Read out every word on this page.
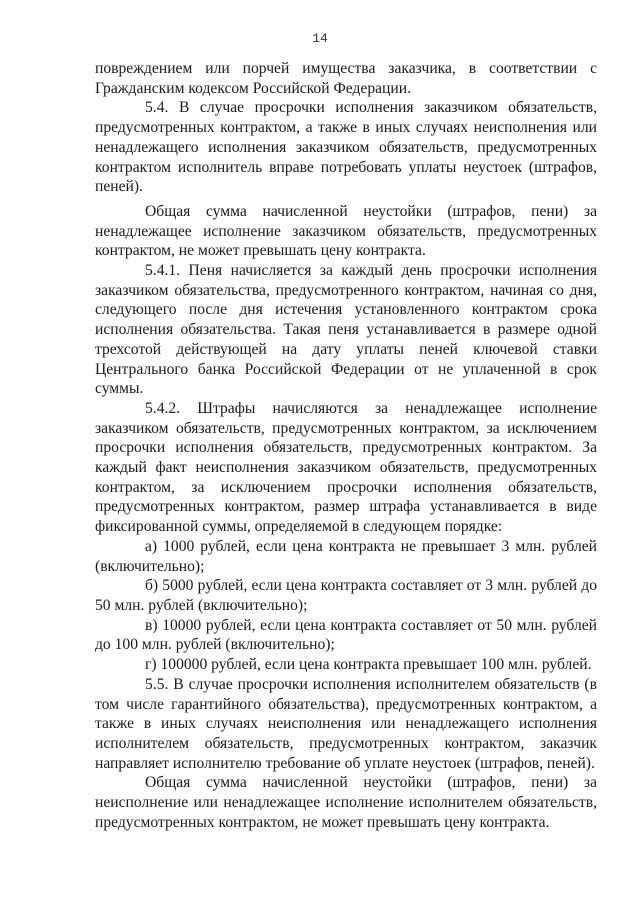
14

повреждением или порчей имущества заказчика, в соответствии с Гражданским кодексом Российской Федерации.

5.4. В случае просрочки исполнения заказчиком обязательств, предусмотренных контрактом, а также в иных случаях неисполнения или ненадлежащего исполнения заказчиком обязательств, предусмотренных контрактом исполнитель вправе потребовать уплаты неустоек (штрафов, пеней).

Общая сумма начисленной неустойки (штрафов, пени) за ненадлежащее исполнение заказчиком обязательств, предусмотренных контрактом, не может превышать цену контракта.

5.4.1. Пеня начисляется за каждый день просрочки исполнения заказчиком обязательства, предусмотренного контрактом, начиная со дня, следующего после дня истечения установленного контрактом срока исполнения обязательства. Такая пеня устанавливается в размере одной трехсотой действующей на дату уплаты пеней ключевой ставки Центрального банка Российской Федерации от не уплаченной в срок суммы.

5.4.2. Штрафы начисляются за ненадлежащее исполнение заказчиком обязательств, предусмотренных контрактом, за исключением просрочки исполнения обязательств, предусмотренных контрактом. За каждый факт неисполнения заказчиком обязательств, предусмотренных контрактом, за исключением просрочки исполнения обязательств, предусмотренных контрактом, размер штрафа устанавливается в виде фиксированной суммы, определяемой в следующем порядке:

а) 1000 рублей, если цена контракта не превышает 3 млн. рублей (включительно);

б) 5000 рублей, если цена контракта составляет от 3 млн. рублей до 50 млн. рублей (включительно);

в) 10000 рублей, если цена контракта составляет от 50 млн. рублей до 100 млн. рублей (включительно);

г) 100000 рублей, если цена контракта превышает 100 млн. рублей.

5.5. В случае просрочки исполнения исполнителем обязательств (в том числе гарантийного обязательства), предусмотренных контрактом, а также в иных случаях неисполнения или ненадлежащего исполнения исполнителем обязательств, предусмотренных контрактом, заказчик направляет исполнителю требование об уплате неустоек (штрафов, пеней).

Общая сумма начисленной неустойки (штрафов, пени) за неисполнение или ненадлежащее исполнение исполнителем обязательств, предусмотренных контрактом, не может превышать цену контракта.
